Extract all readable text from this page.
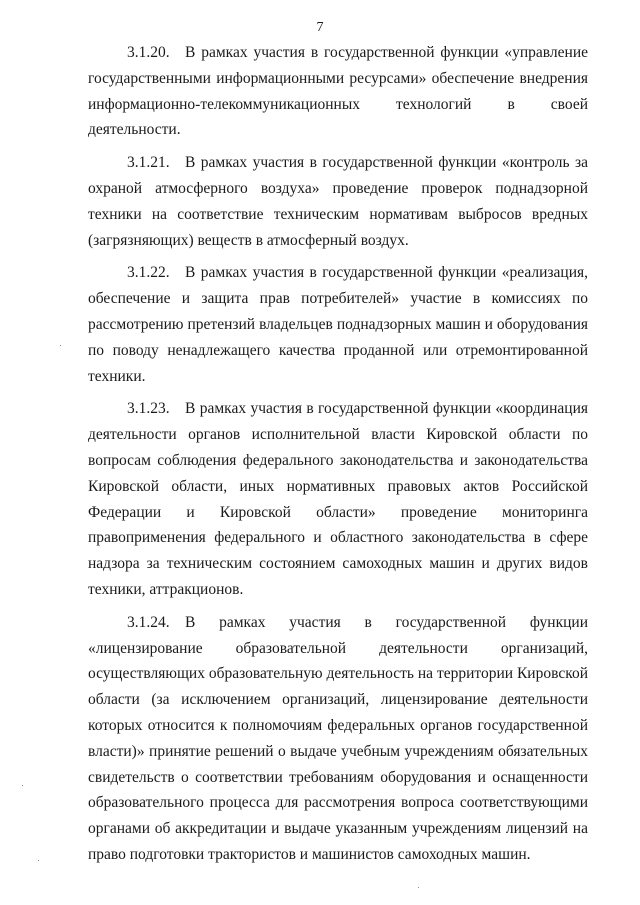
7

3.1.20. В рамках участия в государственной функции «управление государственными информационными ресурсами» обеспечение внедрения информационно-телекоммуникационных технологий в своей деятельности.

3.1.21. В рамках участия в государственной функции «контроль за охраной атмосферного воздуха» проведение проверок поднадзорной техники на соответствие техническим нормативам выбросов вредных (загрязняющих) веществ в атмосферный воздух.

3.1.22. В рамках участия в государственной функции «реализация, обеспечение и защита прав потребителей» участие в комиссиях по рассмотрению претензий владельцев поднадзорных машин и оборудования по поводу ненадлежащего качества проданной или отремонтированной техники.

3.1.23. В рамках участия в государственной функции «координация деятельности органов исполнительной власти Кировской области по вопросам соблюдения федерального законодательства и законодательства Кировской области, иных нормативных правовых актов Российской Федерации и Кировской области» проведение мониторинга правоприменения федерального и областного законодательства в сфере надзора за техническим состоянием самоходных машин и других видов техники, аттракционов.

3.1.24. В рамках участия в государственной функции «лицензирование образовательной деятельности организаций, осуществляющих образовательную деятельность на территории Кировской области (за исключением организаций, лицензирование деятельности которых относится к полномочиям федеральных органов государственной власти)» принятие решений о выдаче учебным учреждениям обязательных свидетельств о соответствии требованиям оборудования и оснащенности образовательного процесса для рассмотрения вопроса соответствующими органами об аккредитации и выдаче указанным учреждениям лицензий на право подготовки трактористов и машинистов самоходных машин.
